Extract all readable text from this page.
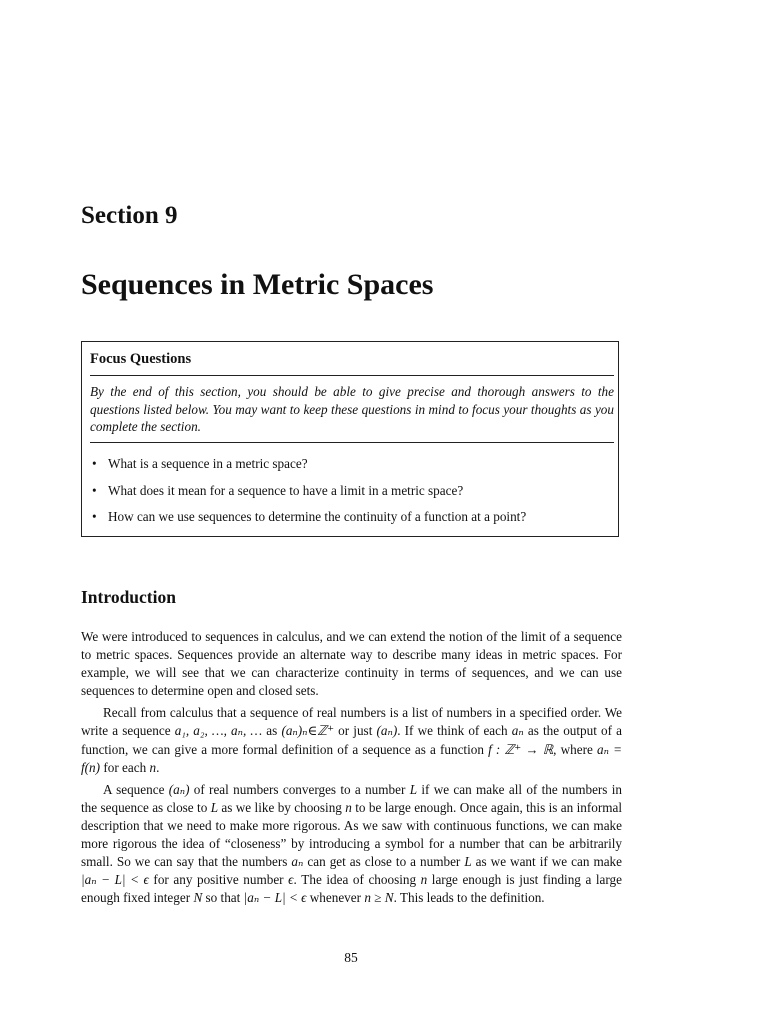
Section 9
Sequences in Metric Spaces
Focus Questions
By the end of this section, you should be able to give precise and thorough answers to the questions listed below. You may want to keep these questions in mind to focus your thoughts as you complete the section.
• What is a sequence in a metric space?
• What does it mean for a sequence to have a limit in a metric space?
• How can we use sequences to determine the continuity of a function at a point?
Introduction

We were introduced to sequences in calculus, and we can extend the notion of the limit of a sequence to metric spaces. Sequences provide an alternate way to describe many ideas in metric spaces. For example, we will see that we can characterize continuity in terms of sequences, and we can use sequences to determine open and closed sets.

Recall from calculus that a sequence of real numbers is a list of numbers in a specified order. We write a sequence a₁, a₂, …, aₙ, … as (aₙ)ₙ∈ℤ⁺ or just (aₙ). If we think of each aₙ as the output of a function, we can give a more formal definition of a sequence as a function f : ℤ⁺ → ℝ, where aₙ = f(n) for each n.

A sequence (aₙ) of real numbers converges to a number L if we can make all of the numbers in the sequence as close to L as we like by choosing n to be large enough. Once again, this is an informal description that we need to make more rigorous. As we saw with continuous functions, we can make more rigorous the idea of “closeness” by introducing a symbol for a number that can be arbitrarily small. So we can say that the numbers aₙ can get as close to a number L as we want if we can make |aₙ − L| < ϵ for any positive number ϵ. The idea of choosing n large enough is just finding a large enough fixed integer N so that |aₙ − L| < ϵ whenever n ≥ N. This leads to the definition.

85
